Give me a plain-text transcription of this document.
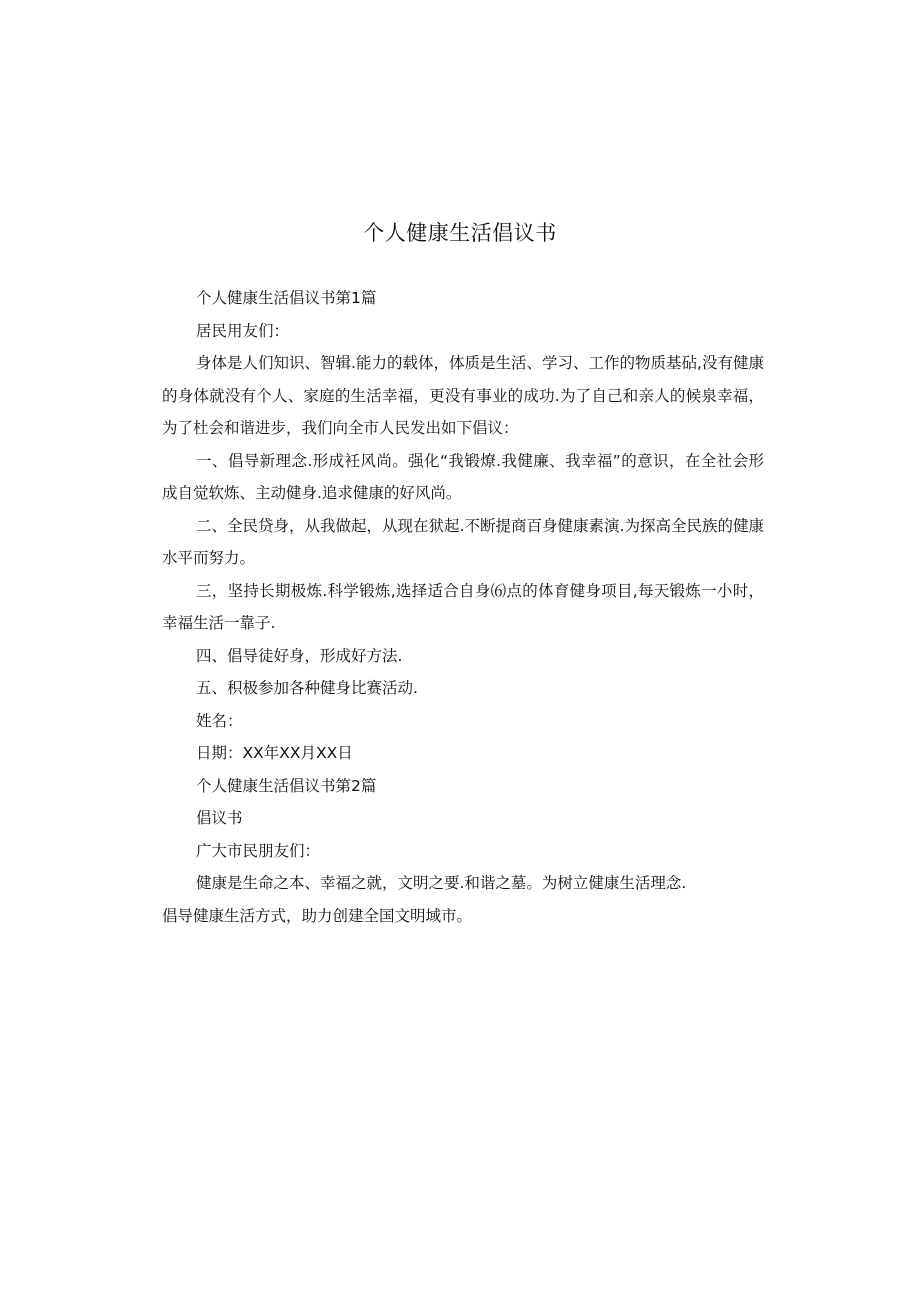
个人健康生活倡议书

个人健康生活倡议书第1篇

居民用友们：

身体是人们知识、智辑.能力的载体，体质是生活、学习、工作的物质基砧,没有健康的身体就没有个人、家庭的生活幸福，更没有事业的成功.为了自己和亲人的候泉幸福，为了杜会和谐进步，我们向全市人民发出如下倡议：

一、倡导新理念.形成衽风尚。强化“我锻燎.我健廉、我幸福”的意识，在全社会形成自觉软炼、主动健身.追求健康的好风尚。

二、全民贷身，从我做起，从现在狱起.不断提商百身健康素演.为探高全民族的健康水平而努力。

三，坚持长期极炼.科学锻炼,选择适合自身⑹点的体育健身项目,每天锻炼一小时，幸福生活一靠子.

四、倡导徒好身，形成好方法.

五、积极参加各种健身比赛活动.

姓名：

日期：XX年XX月XX日

个人健康生活倡议书第2篇

倡议书

广大市民朋友们：

健康是生命之本、幸福之就，文明之要.和谐之墓。为树立健康生活理念.

倡导健康生活方式，助力创建全国文明域市。
